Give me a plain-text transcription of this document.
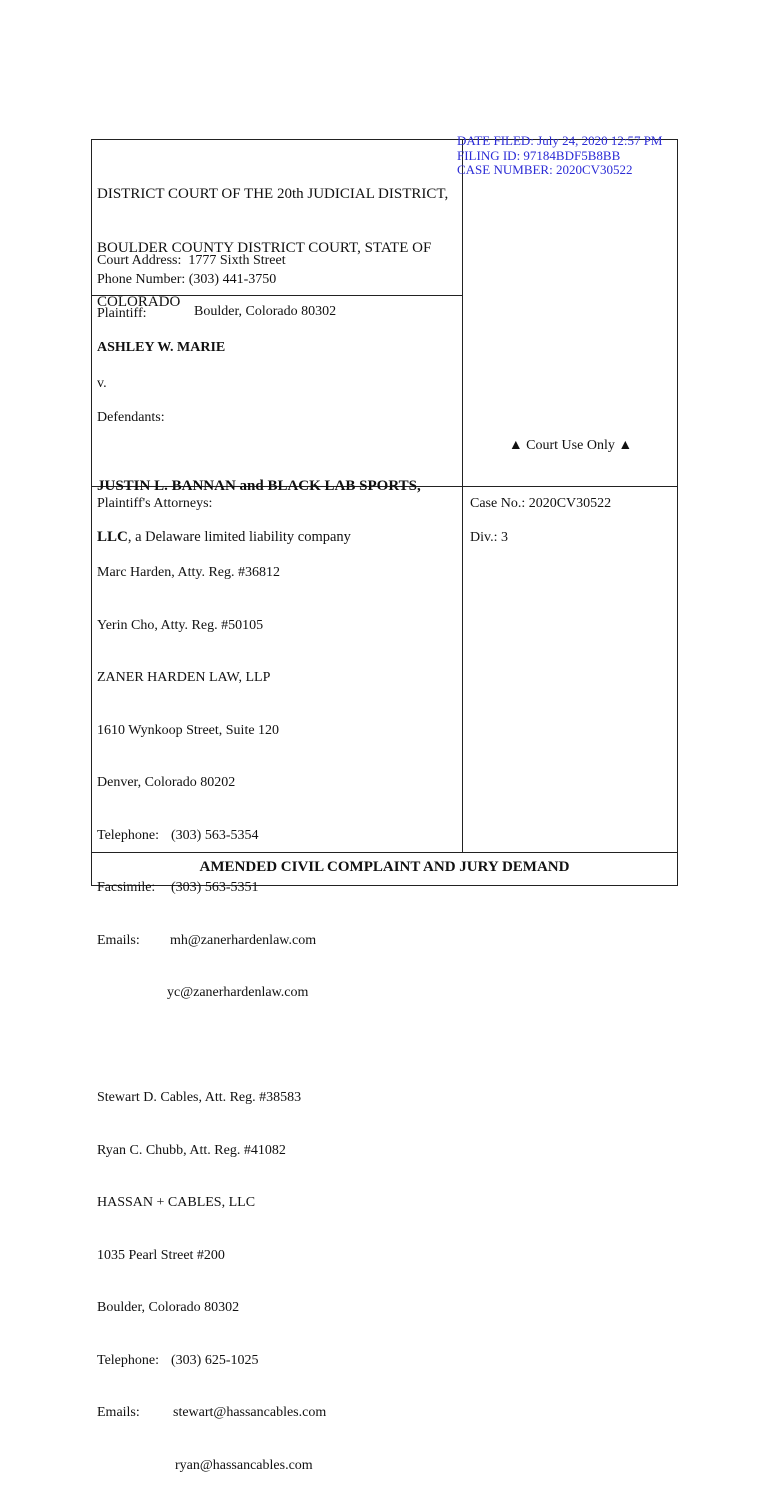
DATE FILED: July 24, 2020 12:57 PM
FILING ID: 97184BDF5B8BB
CASE NUMBER: 2020CV30522

DISTRICT COURT OF THE 20th JUDICIAL DISTRICT,

BOULDER COUNTY DISTRICT COURT, STATE OF

COLORADO

Court Address: 1777 Sixth Street

Boulder, Colorado 80302

Phone Number: (303) 441-3750
Plaintiff:
ASHLEY W. MARIE
v.
Defendants:

JUSTIN L. BANNAN and BLACK LAB SPORTS,

LLC, a Delaware limited liability company

▲ Court Use Only ▲
Plaintiff's Attorneys:	Case No.: 2020CV30522
Div.: 3

Marc Harden, Atty. Reg. #36812

Yerin Cho, Atty. Reg. #50105

ZANER HARDEN LAW, LLP

1610 Wynkoop Street, Suite 120

Denver, Colorado 80202

Telephone: (303) 563-5354

Facsimile: (303) 563-5351

Emails: mh@zanerhardenlaw.com

yc@zanerhardenlaw.com

Stewart D. Cables, Att. Reg. #38583

Ryan C. Chubb, Att. Reg. #41082

HASSAN + CABLES, LLC

1035 Pearl Street #200

Boulder, Colorado 80302

Telephone: (303) 625-1025

Emails: stewart@hassancables.com

ryan@hassancables.com

AMENDED CIVIL COMPLAINT AND JURY DEMAND
